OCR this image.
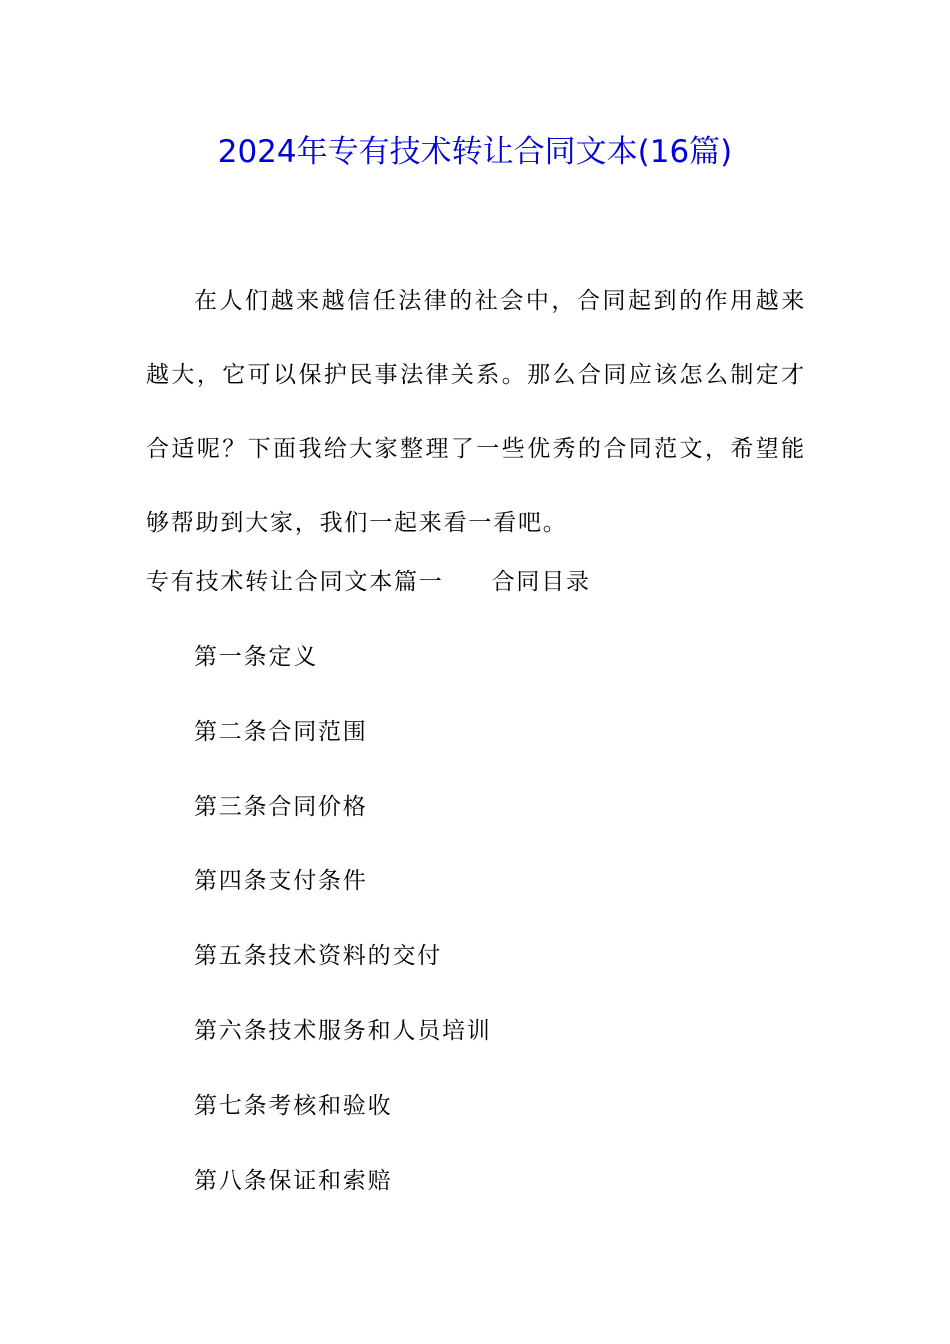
2024年专有技术转让合同文本(16篇)

在人们越来越信任法律的社会中，合同起到的作用越来越大，它可以保护民事法律关系。那么合同应该怎么制定才合适呢？下面我给大家整理了一些优秀的合同范文，希望能够帮助到大家，我们一起来看一看吧。

专有技术转让合同文本篇一 合同目录

第一条定义
第二条合同范围
第三条合同价格
第四条支付条件
第五条技术资料的交付
第六条技术服务和人员培训
第七条考核和验收
第八条保证和索赔
